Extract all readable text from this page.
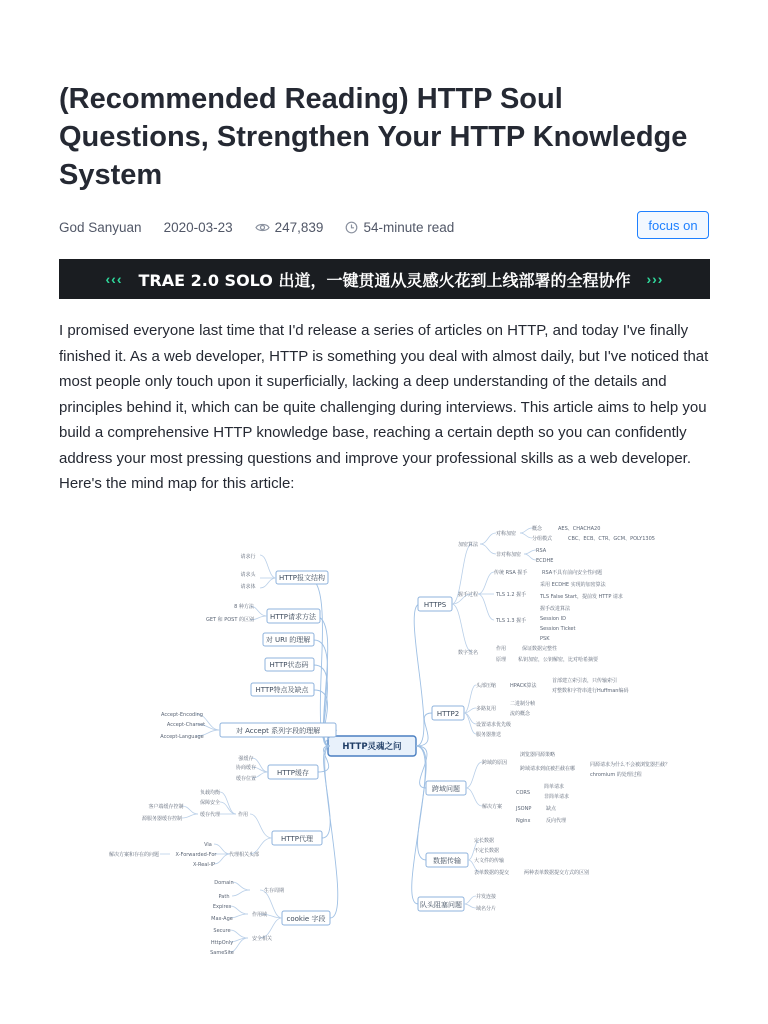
(Recommended Reading) HTTP Soul Questions, Strengthen Your HTTP Knowledge System
God Sanyuan 2020-03-23	247,839	54-minute read	focus on
‹‹‹ TRAE 2.0 SOLO 出道，一键贯通从灵感火花到上线部署的全程协作 ›››

I promised everyone last time that I'd release a series of articles on HTTP, and today I've finally finished it. As a web developer, HTTP is something you deal with almost daily, but I've noticed that most people only touch upon it superficially, lacking a deep understanding of the details and principles behind it, which can be quite challenging during interviews. This article aims to help you build a comprehensive HTTP knowledge base, reaching a certain depth so you can confidently address your most pressing questions and improve your professional skills as a web developer. Here's the mind map for this article:

HTTP灵魂之问
HTTP报文结构
请求行
请求头
请求体
HTTP请求方法
8 种方法
GET 和 POST 的区别
对 URI 的理解
HTTP状态码
HTTP特点及缺点
对 Accept 系列字段的理解
Accept-Encoding
Accept-Charset
Accept-Language
HTTP缓存
强缓存
协商缓存
缓存位置
HTTP代理
作用
负载均衡
保障安全
缓存代理
客户端缓存控制
源服务器缓存控制
代理相关头部
Via
X-Forwarded-For
X-Real-IP
解决方案和存在的问题
cookie 字段
生存周期
作用域
安全相关
Domain
Path
Expires
Max-Age
Secure
HttpOnly
SameSite
HTTPS
加密算法
握手过程
数字签名
对称加密
非对称加密
概念
分组模式
AES、CHACHA20
CBC、ECB、CTR、GCM、POLY1305
RSA
ECDHE
传统 RSA 握手
TLS 1.2 握手
TLS 1.3 握手
RSA不具有前向安全性问题
采用 ECDHE 实现的加密算法
TLS False Start，提前发 HTTP 请求
握手改进算法
Session ID
Session Ticket
PSK
作用
原理
保证数据完整性
私钥加密，公钥解密，比对哈希摘要
HTTP2
头部压缩	HPACK算法
首部建立索引表，只传输索引
对整数和字符串进行Huffman编码
多路复用
二进制分帧
流的概念
设置请求优先级
服务器推送
跨域问题
跨域的原因
浏览器同源策略
跨域请求到底被拦截在哪
同源请求为什么不会被浏览器拦截？
chromium 的处理过程
解决方案
CORS
简单请求
非简单请求
JSONP	缺点
Nginx	反向代理
数据传输
定长数据
不定长数据
大文件的传输
表单数据的提交	两种表单数据提交方式的区别
队头阻塞问题
并发连接
域名分片
